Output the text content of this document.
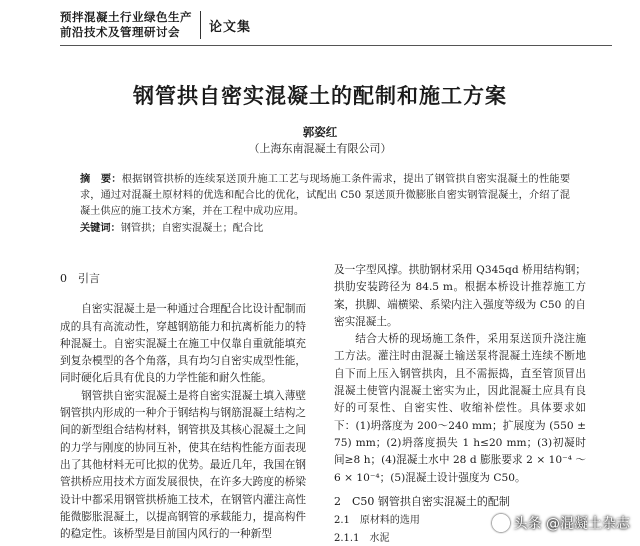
预拌混凝土行业绿色生产
前沿技术及管理研讨会	论文集
钢管拱自密实混凝土的配制和施工方案
郭姿红
（上海东南混凝土有限公司）
摘　要：根据钢管拱桥的连续泵送顶升施工工艺与现场施工条件需求，提出了钢管拱自密实混凝土的性能要求，通过对混凝土原材料的优选和配合比的优化，试配出 C50 泵送顶升微膨胀自密实钢管混凝土，介绍了混凝土供应的施工技术方案，并在工程中成功应用。
关键词：钢管拱；自密实混凝土；配合比
0　引言

自密实混凝土是一种通过合理配合比设计配制而成的具有高流动性，穿越钢筋能力和抗离析能力的特种混凝土。自密实混凝土在施工中仅靠自重就能填充到复杂模型的各个角落，具有均匀自密实成型性能，同时硬化后具有优良的力学性能和耐久性能。

钢管拱自密实混凝土是将自密实混凝土填入薄壁钢管拱内形成的一种介于钢结构与钢筋混凝土结构之间的新型组合结构材料，钢管拱及其核心混凝土之间的力学与刚度的协同互补，使其在结构性能方面表现出了其他材料无可比拟的优势。最近几年，我国在钢管拱桥应用技术方面发展很快，在许多大跨度的桥梁设计中都采用钢管拱桥施工技术，在钢管内灌注高性能微膨胀混凝土，以提高钢管的承载能力，提高构件的稳定性。该桥型是目前国内风行的一种新型

及一字型风撑。拱肋钢材采用 Q345qd 桥用结构钢；拱肋安装跨径为 84.5 m。根据本桥设计推荐施工方案，拱脚、端横梁、系梁内注入强度等级为 C50 的自密实混凝土。

结合大桥的现场施工条件，采用泵送顶升浇注施工方法。灌注时由混凝土输送泵将混凝土连续不断地自下而上压入钢管拱肉，且不需振捣，直至管顶冒出混凝土使管内混凝土密实为止，因此混凝土应具有良好的可泵性、自密实性、收缩补偿性。具体要求如下：(1)坍落度为 200～240 mm；扩展度为 (550 ± 75) mm；(2)坍落度损失 1 h≤20 mm；(3)初凝时间≥8 h；(4)混凝土水中 28 d 膨胀要求 2 × 10⁻⁴ ～ 6 × 10⁻⁴；(5)混凝土设计强度为 C50。

2　C50 钢管拱自密实混凝土的配制
2.1　原材料的选用
2.1.1　水泥
头条 @混凝土杂志
